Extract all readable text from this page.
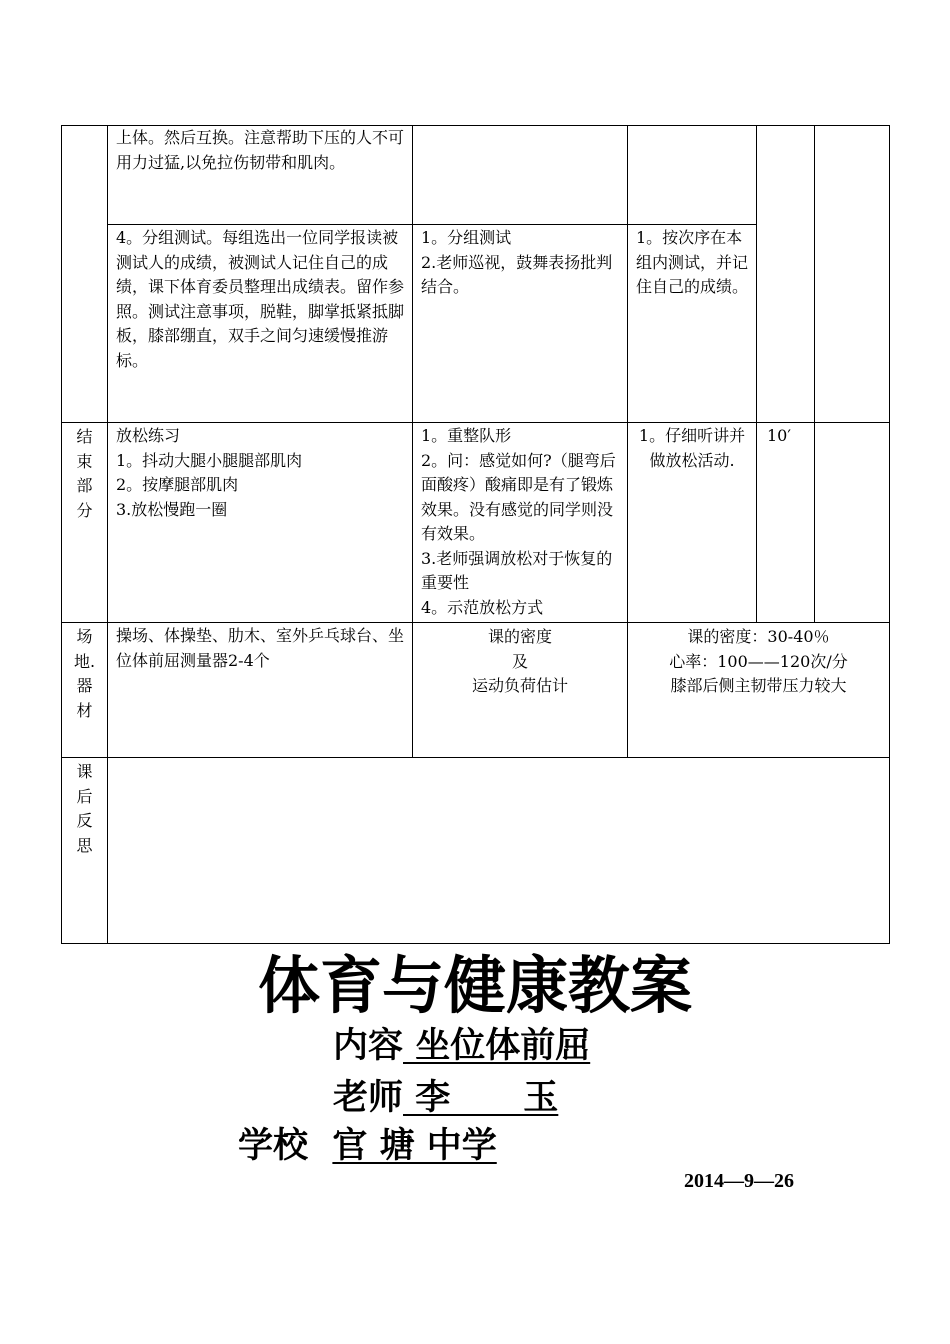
上体。然后互换。注意帮助下压的人不可用力过猛,以免拉伤韧带和肌肉。
4。分组测试。每组选出一位同学报读被测试人的成绩，被测试人记住自己的成绩，课下体育委员整理出成绩表。留作参照。测试注意事项，脱鞋，脚掌抵紧抵脚板，膝部绷直，双手之间匀速缓慢推游标。
1。分组测试
2.老师巡视，鼓舞表扬批判结合。
1。按次序在本组内测试，并记住自己的成绩。
结
束
部
分
放松练习
1。抖动大腿小腿腿部肌肉
2。按摩腿部肌肉
3.放松慢跑一圈
1。重整队形
2。问：感觉如何?（腿弯后面酸疼）酸痛即是有了锻炼效果。没有感觉的同学则没有效果。
3.老师强调放松对于恢复的重要性
4。示范放松方式
1。仔细听讲并做放松活动.
10′
场
地.
器
材
操场、体操垫、肋木、室外乒乓球台、坐位体前屈测量器2-4个
课的密度
及
运动负荷估计
课的密度：30-40％
心率：100——120次/分
膝部后侧主韧带压力较大
课
后
反
思
体育与健康教案
内容 坐位体前屈
老师 李      玉
学校 官 塘 中学
2014—9—26
